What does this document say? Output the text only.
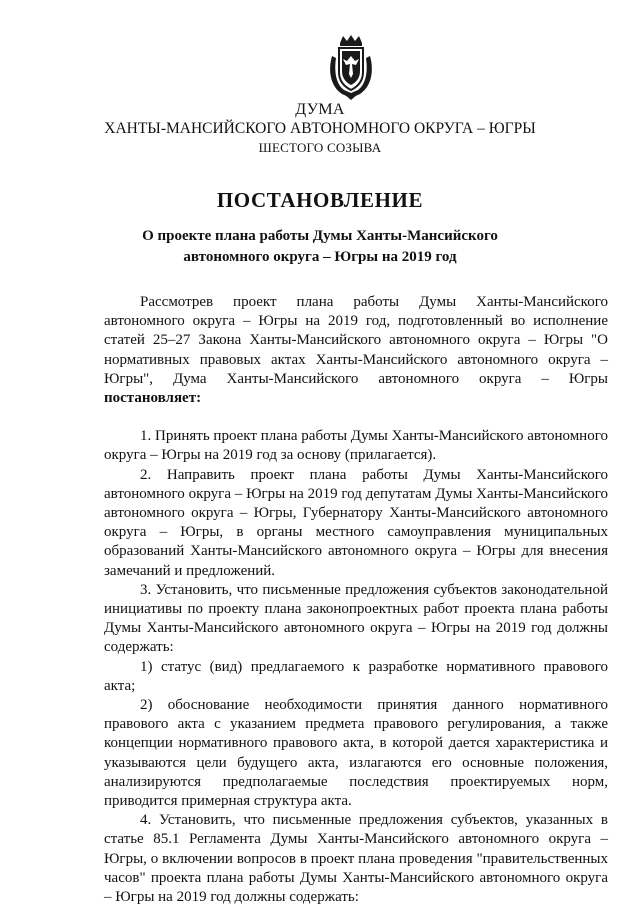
ДУМА
ХАНТЫ-МАНСИЙСКОГО АВТОНОМНОГО ОКРУГА – ЮГРЫ
ШЕСТОГО СОЗЫВА
ПОСТАНОВЛЕНИЕ
О проекте плана работы Думы Ханты-Мансийского
автономного округа – Югры на 2019 год

Рассмотрев проект плана работы Думы Ханты-Мансийского автономного округа – Югры на 2019 год, подготовленный во исполнение статей 25–27 Закона Ханты-Мансийского автономного округа – Югры "О нормативных правовых актах Ханты-Мансийского автономного округа – Югры", Дума Ханты-Мансийского автономного округа – Югры постановляет:

1. Принять проект плана работы Думы Ханты-Мансийского автономного округа – Югры на 2019 год за основу (прилагается).

2. Направить проект плана работы Думы Ханты-Мансийского автономного округа – Югры на 2019 год депутатам Думы Ханты-Мансийского автономного округа – Югры, Губернатору Ханты-Мансийского автономного округа – Югры, в органы местного самоуправления муниципальных образований Ханты-Мансийского автономного округа – Югры для внесения замечаний и предложений.

3. Установить, что письменные предложения субъектов законодательной инициативы по проекту плана законопроектных работ проекта плана работы Думы Ханты-Мансийского автономного округа – Югры на 2019 год должны содержать:

1) статус (вид) предлагаемого к разработке нормативного правового акта;

2) обоснование необходимости принятия данного нормативного правового акта с указанием предмета правового регулирования, а также концепции нормативного правового акта, в которой дается характеристика и указываются цели будущего акта, излагаются его основные положения, анализируются предполагаемые последствия проектируемых норм, приводится примерная структура акта.

4. Установить, что письменные предложения субъектов, указанных в статье 85.1 Регламента Думы Ханты-Мансийского автономного округа – Югры, о включении вопросов в проект плана проведения "правительственных часов" проекта плана работы Думы Ханты-Мансийского автономного округа – Югры на 2019 год должны содержать:
